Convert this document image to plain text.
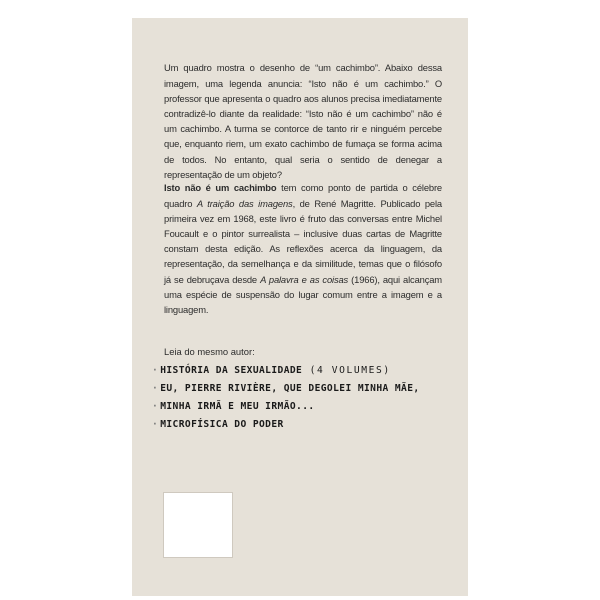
Um quadro mostra o desenho de “um cachimbo”. Abaixo dessa imagem, uma legenda anuncia: “Isto não é um cachimbo.” O professor que apresenta o quadro aos alunos precisa imediatamente contradizê-lo diante da realidade: “Isto não é um cachimbo” não é um cachimbo. A turma se contorce de tanto rir e ninguém percebe que, enquanto riem, um exato cachimbo de fumaça se forma acima de todos. No entanto, qual seria o sentido de denegar a representação de um objeto?

Isto não é um cachimbo tem como ponto de partida o célebre quadro A traição das imagens, de René Magritte. Publicado pela primeira vez em 1968, este livro é fruto das conversas entre Michel Foucault e o pintor surrealista – inclusive duas cartas de Magritte constam desta edição. As reflexões acerca da linguagem, da representação, da semelhança e da similitude, temas que o filósofo já se debruçava desde A palavra e as coisas (1966), aqui alcançam uma espécie de suspensão do lugar comum entre a imagem e a linguagem.

Leia do mesmo autor:
· HISTÓRIA DA SEXUALIDADE (4 VOLUMES)
· EU, PIERRE RIVIÈRE, QUE DEGOLEI MINHA MÃE,
· MINHA IRMÃ E MEU IRMÃO...
· MICROFÍSICA DO PODER
